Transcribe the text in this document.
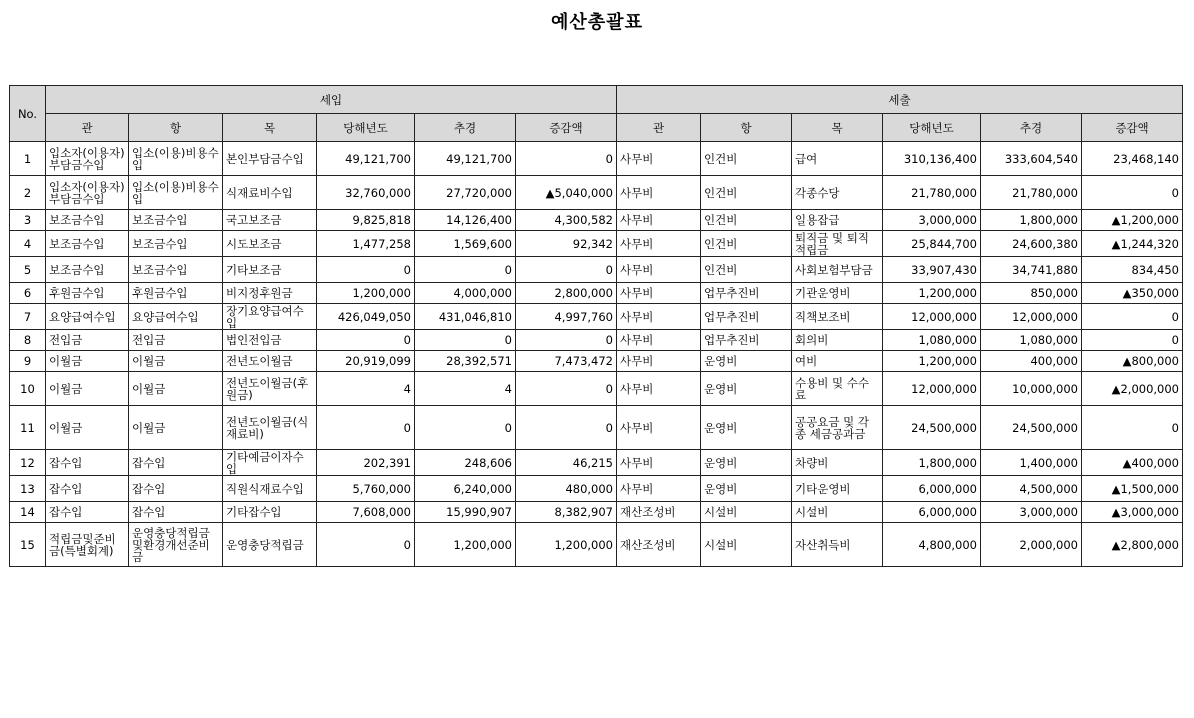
예산총괄표
No.	세입						세출					
	관	항	목	당해년도	추경	증감액	관	항	목	당해년도	추경	증감액
1	입소자(이용자)부담금수입	입소(이용)비용수입	본인부담금수입	49,121,700	49,121,700	0	사무비	인건비	급여	310,136,400	333,604,540	23,468,140
2	입소자(이용자)부담금수입	입소(이용)비용수입	식재료비수입	32,760,000	27,720,000	▲5,040,000	사무비	인건비	각종수당	21,780,000	21,780,000	0
3	보조금수입	보조금수입	국고보조금	9,825,818	14,126,400	4,300,582	사무비	인건비	일용잡급	3,000,000	1,800,000	▲1,200,000
4	보조금수입	보조금수입	시도보조금	1,477,258	1,569,600	92,342	사무비	인건비	퇴직금 및 퇴직적립금	25,844,700	24,600,380	▲1,244,320
5	보조금수입	보조금수입	기타보조금	0	0	0	사무비	인건비	사회보험부담금	33,907,430	34,741,880	834,450
6	후원금수입	후원금수입	비지정후원금	1,200,000	4,000,000	2,800,000	사무비	업무추진비	기관운영비	1,200,000	850,000	▲350,000
7	요양급여수입	요양급여수입	장기요양급여수입	426,049,050	431,046,810	4,997,760	사무비	업무추진비	직책보조비	12,000,000	12,000,000	0
8	전입금	전입금	법인전입금	0	0	0	사무비	업무추진비	회의비	1,080,000	1,080,000	0
9	이월금	이월금	전년도이월금	20,919,099	28,392,571	7,473,472	사무비	운영비	여비	1,200,000	400,000	▲800,000
10	이월금	이월금	전년도이월금(후원금)	4	4	0	사무비	운영비	수용비 및 수수료	12,000,000	10,000,000	▲2,000,000
11	이월금	이월금	전년도이월금(식재료비)	0	0	0	사무비	운영비	공공요금 및 각종 세금공과금	24,500,000	24,500,000	0
12	잡수입	잡수입	기타예금이자수입	202,391	248,606	46,215	사무비	운영비	차량비	1,800,000	1,400,000	▲400,000
13	잡수입	잡수입	직원식재료수입	5,760,000	6,240,000	480,000	사무비	운영비	기타운영비	6,000,000	4,500,000	▲1,500,000
14	잡수입	잡수입	기타잡수입	7,608,000	15,990,907	8,382,907	재산조성비	시설비	시설비	6,000,000	3,000,000	▲3,000,000
15	적립금및준비금(특별회계)	운영충당적립금및환경개선준비금	운영충당적립금	0	1,200,000	1,200,000	재산조성비	시설비	자산취득비	4,800,000	2,000,000	▲2,800,000
